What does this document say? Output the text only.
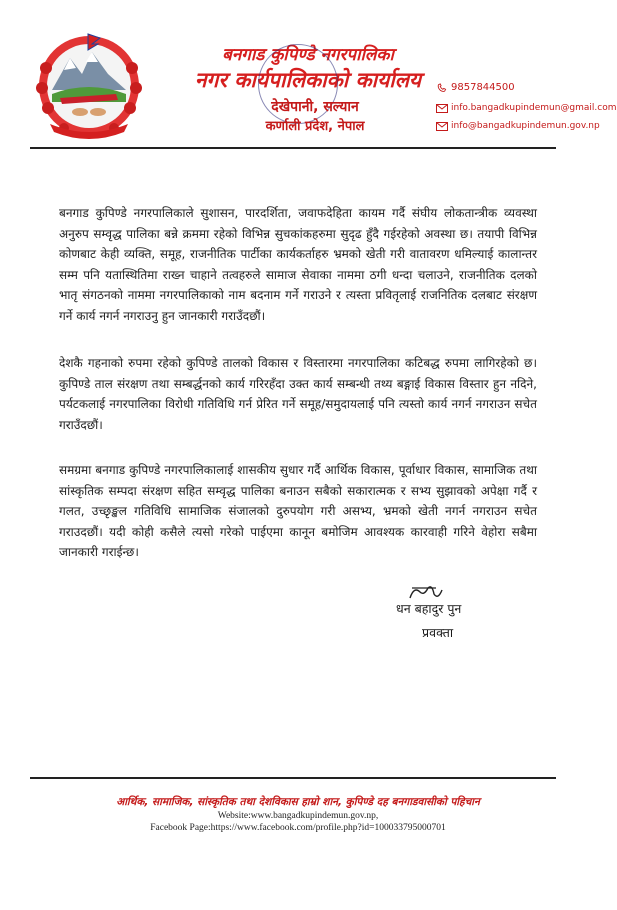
बनगाड कुपिण्डे नगरपालिका
नगर कार्यपालिकाको कार्यालय
देखेपानी, सल्यान
कर्णाली प्रदेश, नेपाल
9857844500
info.bangadkupindemun@gmail.com
info@bangadkupindemun.gov.np

बनगाड कुपिण्डे नगरपालिकाले सुशासन, पारदर्शिता, जवाफदेहिता कायम गर्दै संघीय लोकतान्त्रीक व्यवस्था अनुरुप सम्वृद्ध पालिका बन्ने क्रममा रहेको विभिन्न सुचकांकहरुमा सुदृढ हुँदै गईरहेको अवस्था छ। तयापी विभिन्न कोणबाट केही व्यक्ति, समूह, राजनीतिक पार्टीका कार्यकर्ताहरु भ्रमको खेती गरी वातावरण धमिल्याई कालान्तर सम्म पनि यतास्थितिमा राख्न चाहाने तत्वहरुले सामाज सेवाका नाममा ठगी धन्दा चलाउने, राजनीतिक दलको भातृ संगठनको नाममा नगरपालिकाको नाम बदनाम गर्ने गराउने र त्यस्ता प्रवितृलाई राजनितिक दलबाट संरक्षण गर्ने कार्य नगर्न नगराउनु हुन जानकारी गराउँदछौं।

देशकै गहनाको रुपमा रहेको कुपिण्डे तालको विकास र विस्तारमा नगरपालिका कटिबद्ध रुपमा लागिरहेको छ। कुपिण्डे ताल संरक्षण तथा सम्बर्द्धनको कार्य गरिरहँदा उक्त कार्य सम्बन्धी तथ्य बङ्गाई विकास विस्तार हुन नदिने, पर्यटकलाई नगरपालिका विरोधी गतिविधि गर्न प्रेरित गर्ने समूह/समुदायलाई पनि त्यस्तो कार्य नगर्न नगराउन सचेत गराउँदछौं।

समग्रमा बनगाड कुपिण्डे नगरपालिकालाई शासकीय सुधार गर्दै आर्थिक विकास, पूर्वाधार विकास, सामाजिक तथा सांस्कृतिक सम्पदा संरक्षण सहित सम्वृद्ध पालिका बनाउन सबैको सकारात्मक र सभ्य सुझावको अपेक्षा गर्दै र गलत, उच्छृङ्खल गतिविधि सामाजिक संजालको दुरुपयोग गरी असभ्य, भ्रमको खेती नगर्न नगराउन सचेत गराउदछौं। यदी कोही कसैले त्यसो गरेको पाईएमा कानून बमोजिम आवश्यक कारवाही गरिने वेहोरा सबैमा जानकारी गराईन्छ।

धन बहादुर पुन
प्रवक्ता
आर्थिक, सामाजिक, सांस्कृतिक तथा देशविकास हाम्रो शान, कुपिण्डे दह बनगाडवासीको पहिचान
Website:www.bangadkupindemun.gov.np,
Facebook Page:https://www.facebook.com/profile.php?id=100033795000701
